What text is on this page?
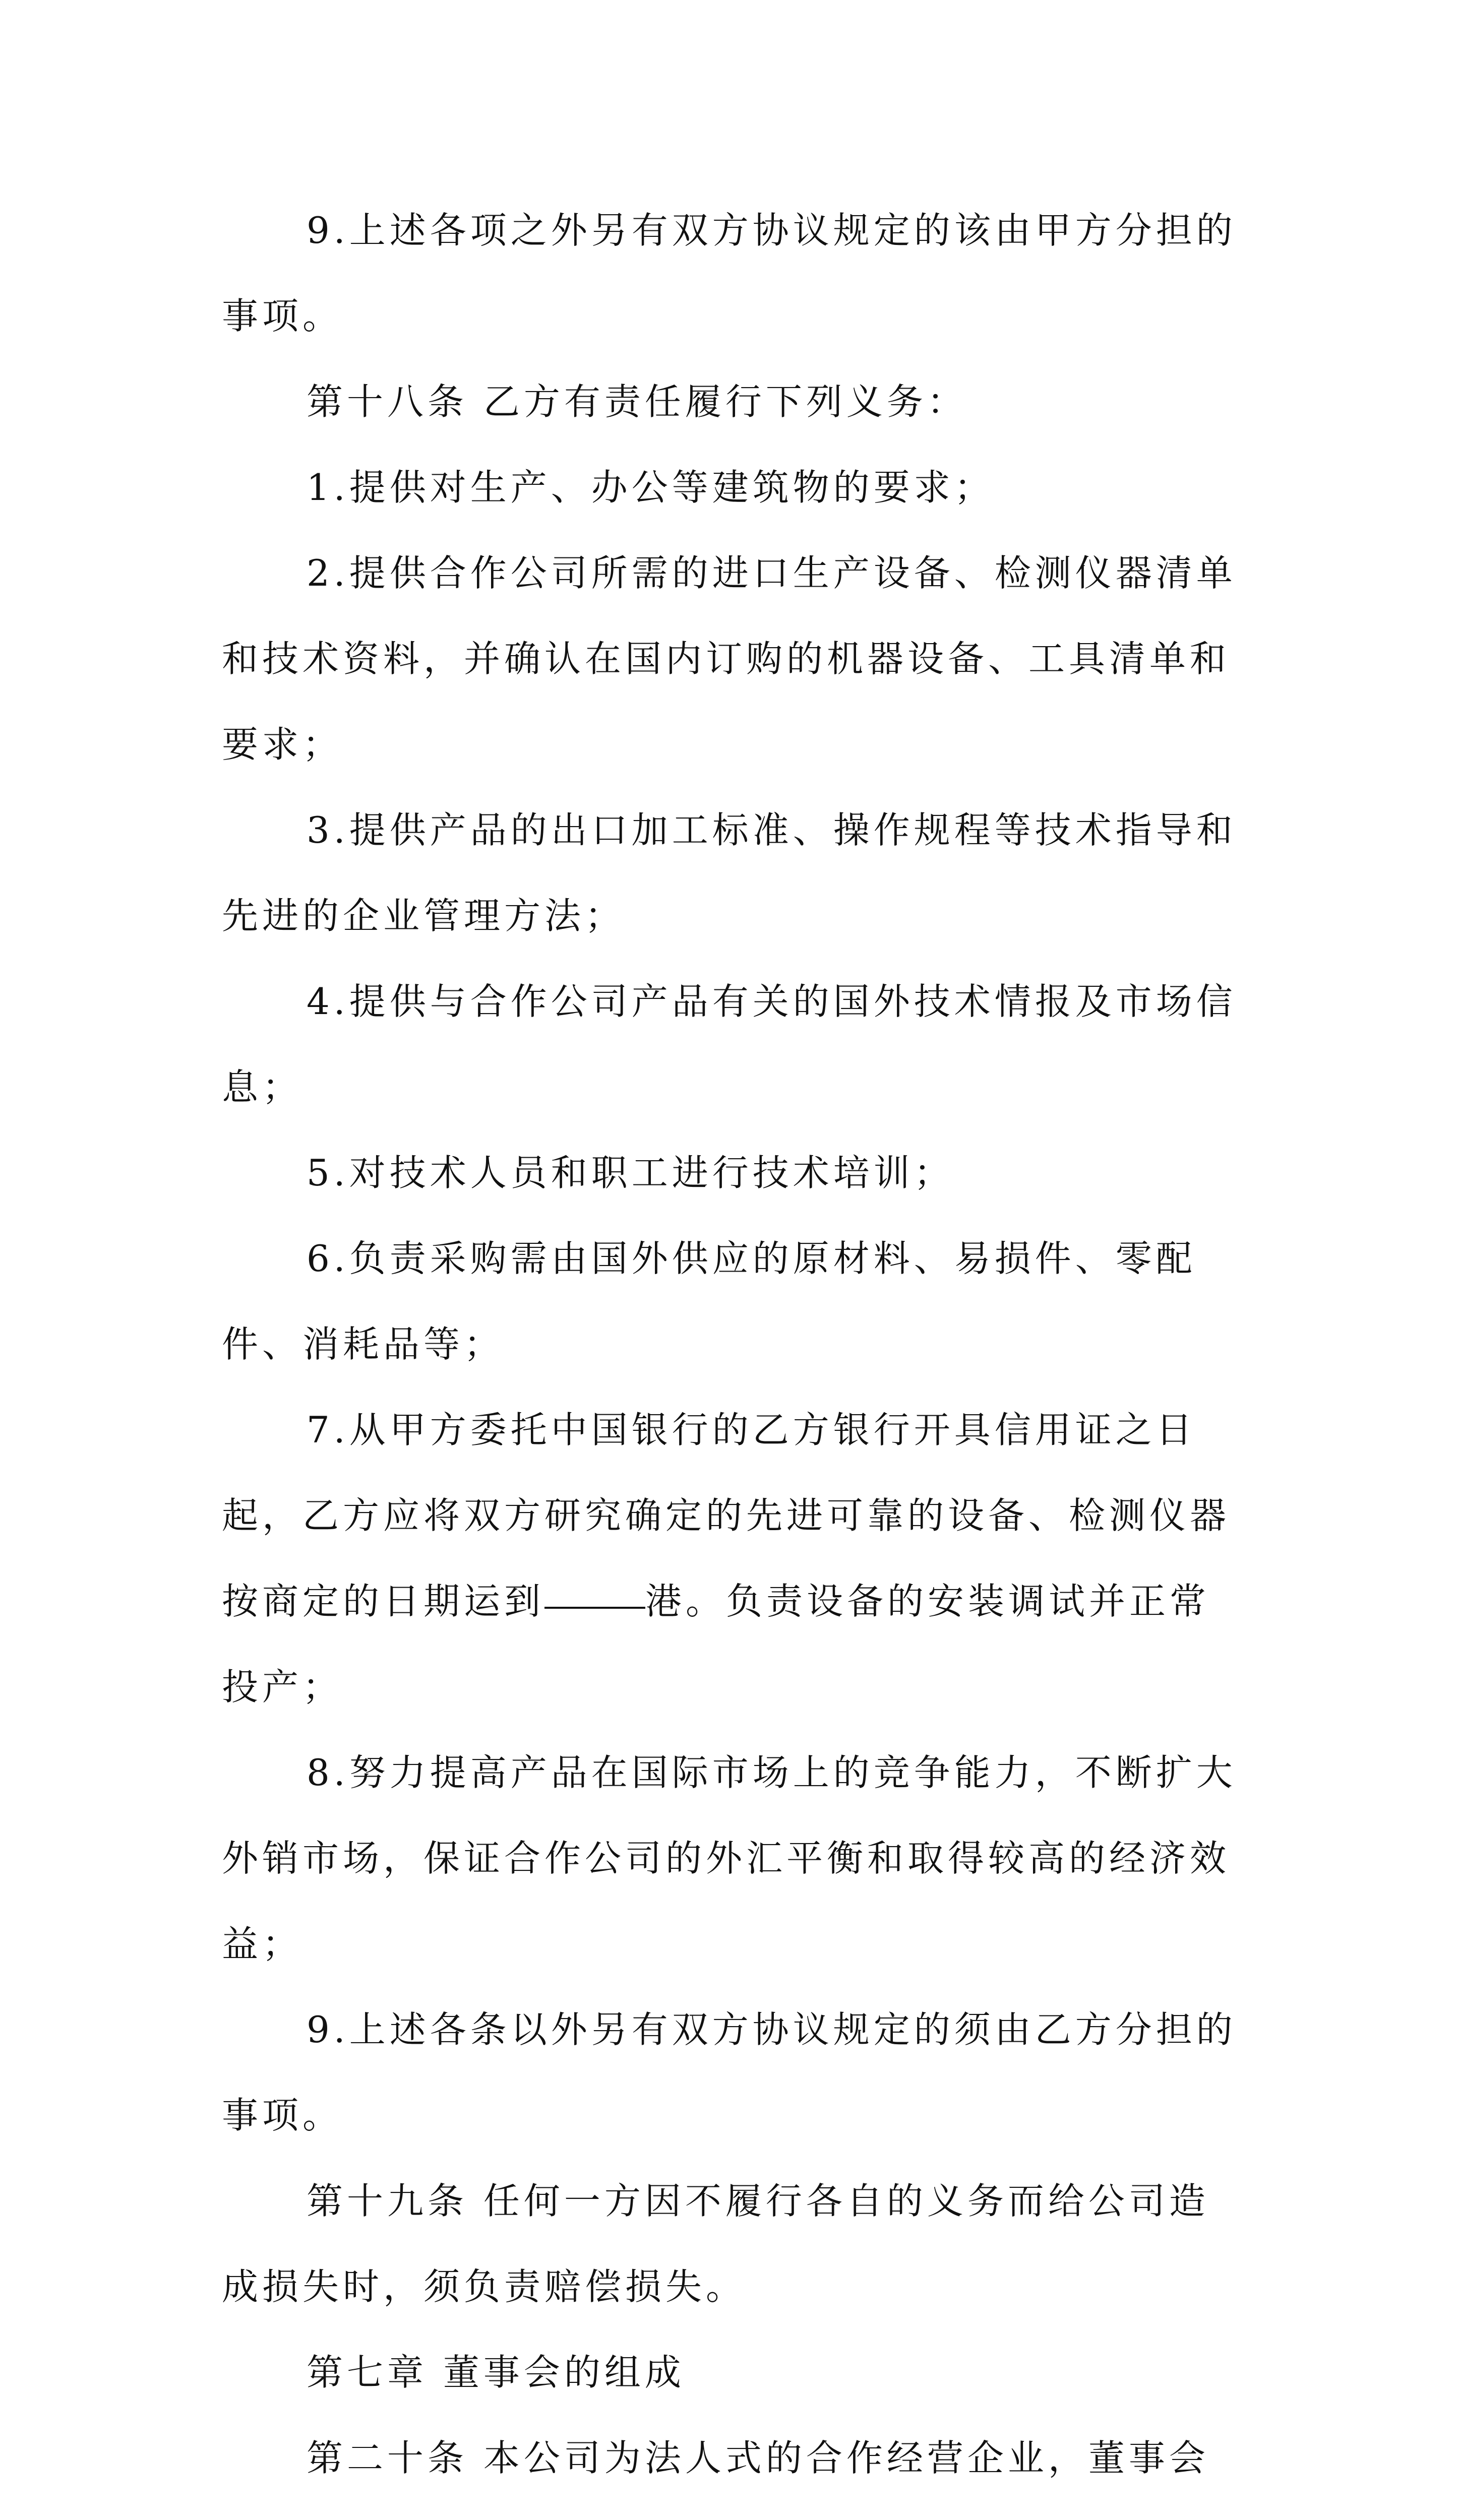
9.上述各项之外另有双方协议规定的该由甲方分担的事项。

第十八条 乙方有责任履行下列义务：

1.提供对生产、办公等建筑物的要求；

2.提供合作公司所需的进口生产设备、检测仪器清单和技术资料，并确认在国内订购的机器设备、工具清单和要求；

3.提供产品的出口加工标准、操作规程等技术指导和先进的企业管理方法；

4.提供与合作公司产品有关的国外技术情报及市场信息；

5.对技术人员和职工进行技术培训；

6.负责采购需由国外供应的原材料、易损件、零配件、消耗品等；

7.从甲方委托中国银行的乙方银行开具信用证之日起，乙方应将双方研究确定的先进可靠的设备、检测仪器按商定的日期运到	港。负责设备的安装调试并正常投产；

8.努力提高产品在国际市场上的竞争能力，不断扩大外销市场，保证合作公司的外汇平衡和取得较高的经济效益；

9.上述各条以外另有双方协议规定的须由乙方分担的事项。

第十九条 任何一方因不履行各自的义务而给公司造成损失时，须负责赔偿损失。

第七章 董事会的组成

第二十条 本公司为法人式的合作经营企业，董事会
